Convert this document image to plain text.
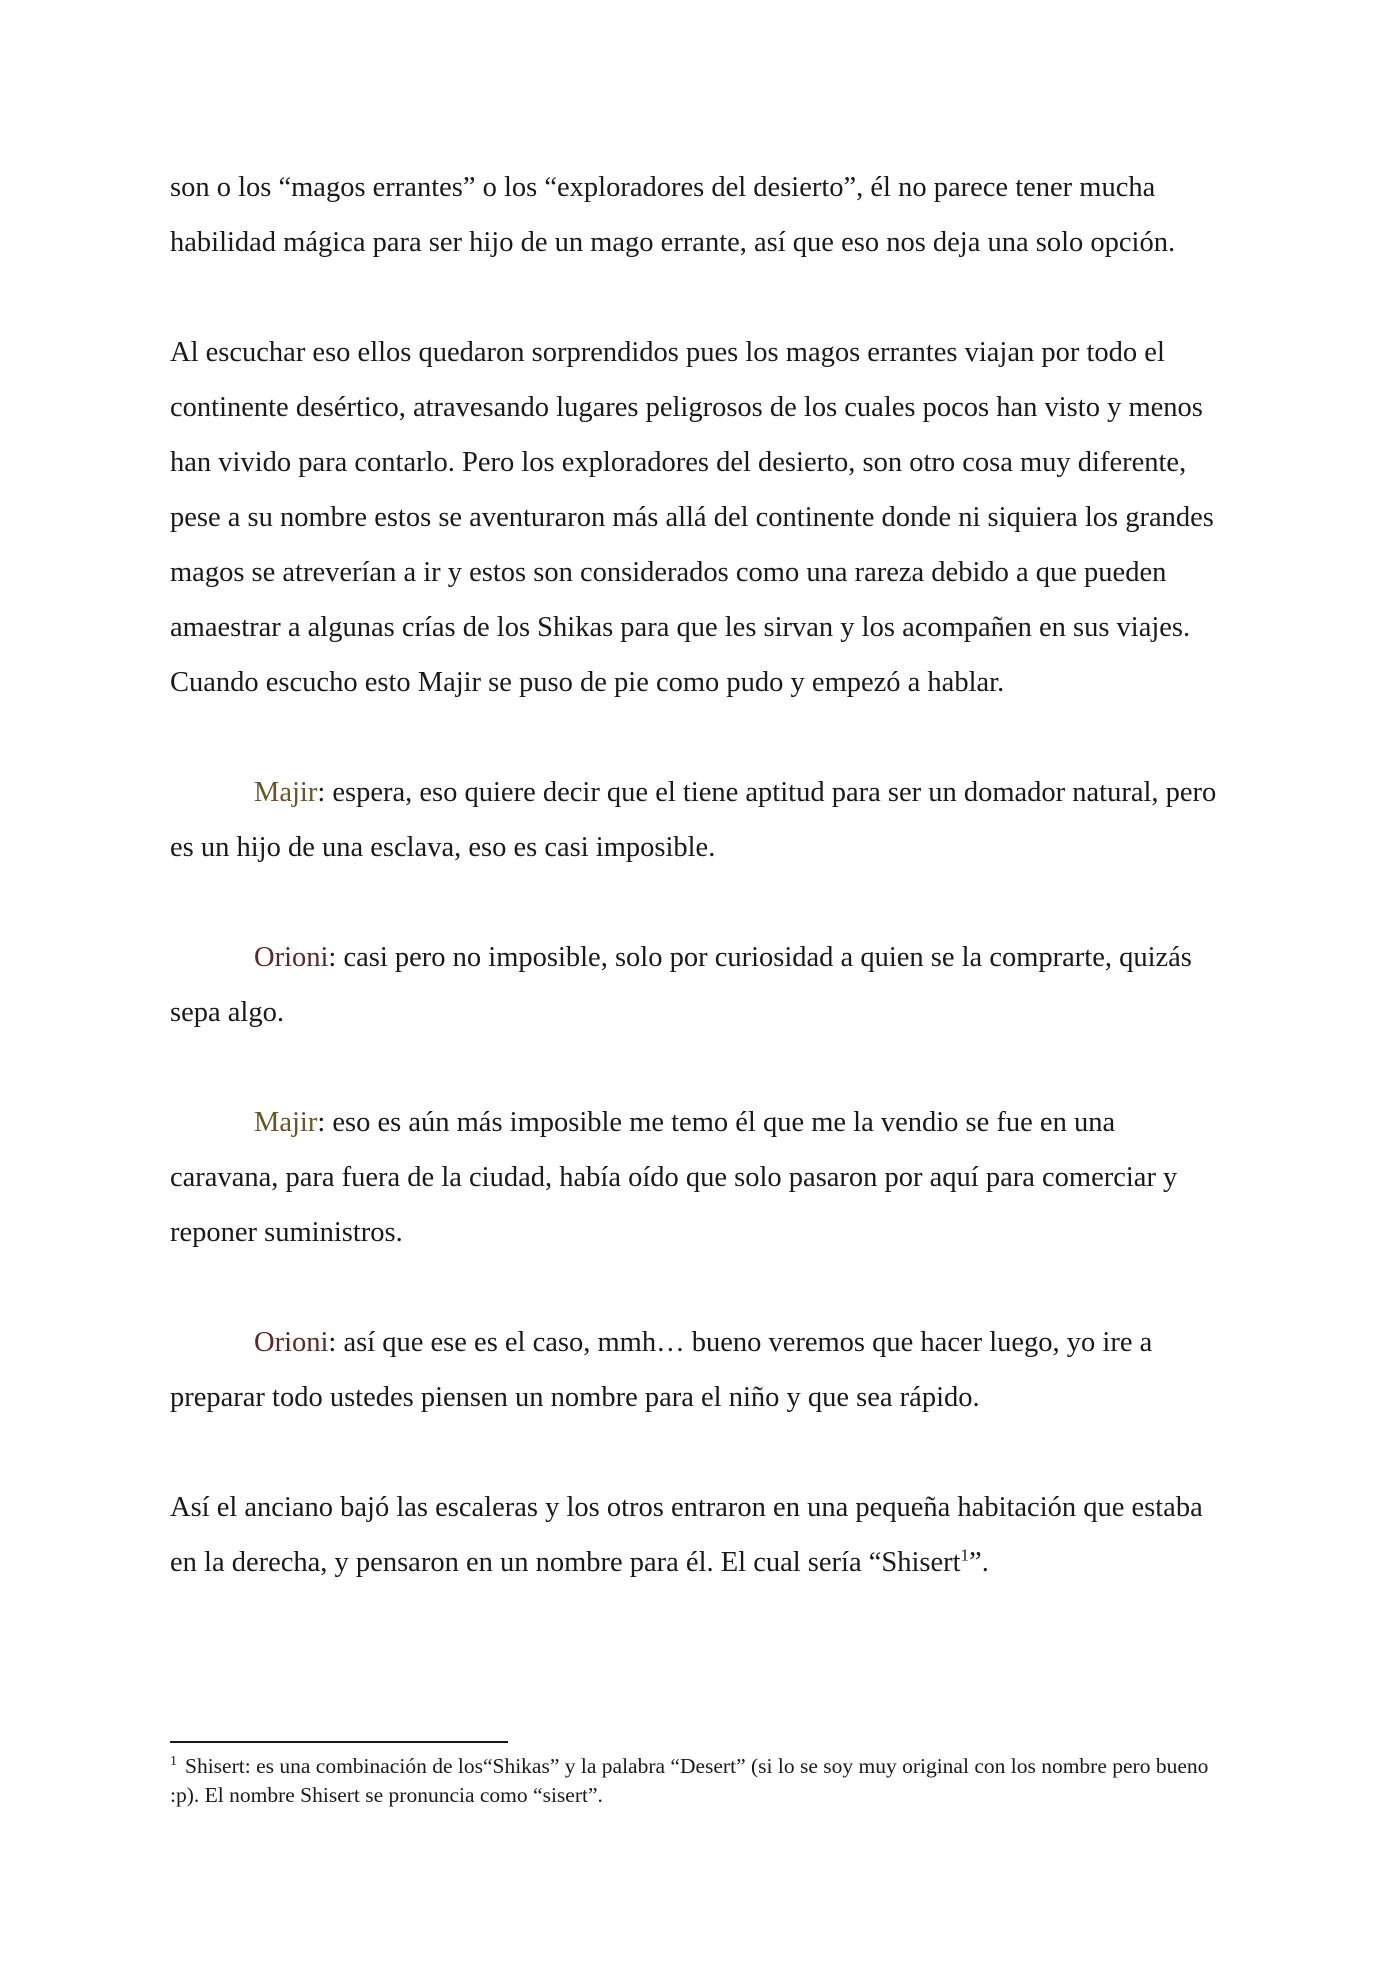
son o los “magos errantes” o los “exploradores del desierto”, él no parece tener mucha habilidad mágica para ser hijo de un mago errante, así que eso nos deja una solo opción.

Al escuchar eso ellos quedaron sorprendidos pues los magos errantes viajan por todo el continente desértico, atravesando lugares peligrosos de los cuales pocos han visto y menos han vivido para contarlo. Pero los exploradores del desierto, son otro cosa muy diferente, pese a su nombre estos se aventuraron más allá del continente donde ni siquiera los grandes magos se atreverían a ir y estos son considerados como una rareza debido a que pueden amaestrar a algunas crías de los Shikas para que les sirvan y los acompañen en sus viajes.

Cuando escucho esto Majir se puso de pie como pudo y empezó a hablar.

Majir: espera, eso quiere decir que el tiene aptitud para ser un domador natural, pero es un hijo de una esclava, eso es casi imposible.

Orioni: casi pero no imposible, solo por curiosidad a quien se la comprarte, quizás sepa algo.

Majir: eso es aún más imposible me temo él que me la vendio se fue en una caravana, para fuera de la ciudad, había oído que solo pasaron por aquí para comerciar y reponer suministros.

Orioni: así que ese es el caso, mmh… bueno veremos que hacer luego, yo ire a preparar todo ustedes piensen un nombre para el niño y que sea rápido.

Así el anciano bajó las escaleras y los otros entraron en una pequeña habitación que estaba en la derecha, y pensaron en un nombre para él. El cual sería “Shisert$^1$”.

$^1$ Shisert: es una combinación de los“Shikas” y la palabra “Desert” (si lo se soy muy original con los nombre pero bueno :p). El nombre Shisert se pronuncia como “sisert”.
